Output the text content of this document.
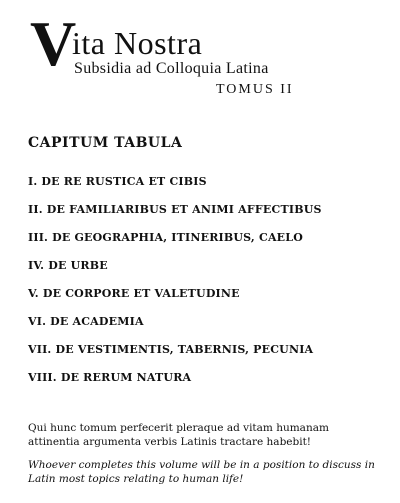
V
ita Nostra
Subsidia ad Colloquia Latina
TOMUS II
CAPITUM TABULA
I. DE RE RUSTICA ET CIBIS
II. DE FAMILIARIBUS ET ANIMI AFFECTIBUS
III. DE GEOGRAPHIA, ITINERIBUS, CAELO
IV. DE URBE
V. DE CORPORE ET VALETUDINE
VI. DE ACADEMIA
VII. DE VESTIMENTIS, TABERNIS, PECUNIA
VIII. DE RERUM NATURA

Qui hunc tomum perfecerit pleraque ad vitam humanam attinentia argumenta verbis Latinis tractare habebit!

Whoever completes this volume will be in a position to discuss in Latin most topics relating to human life!
